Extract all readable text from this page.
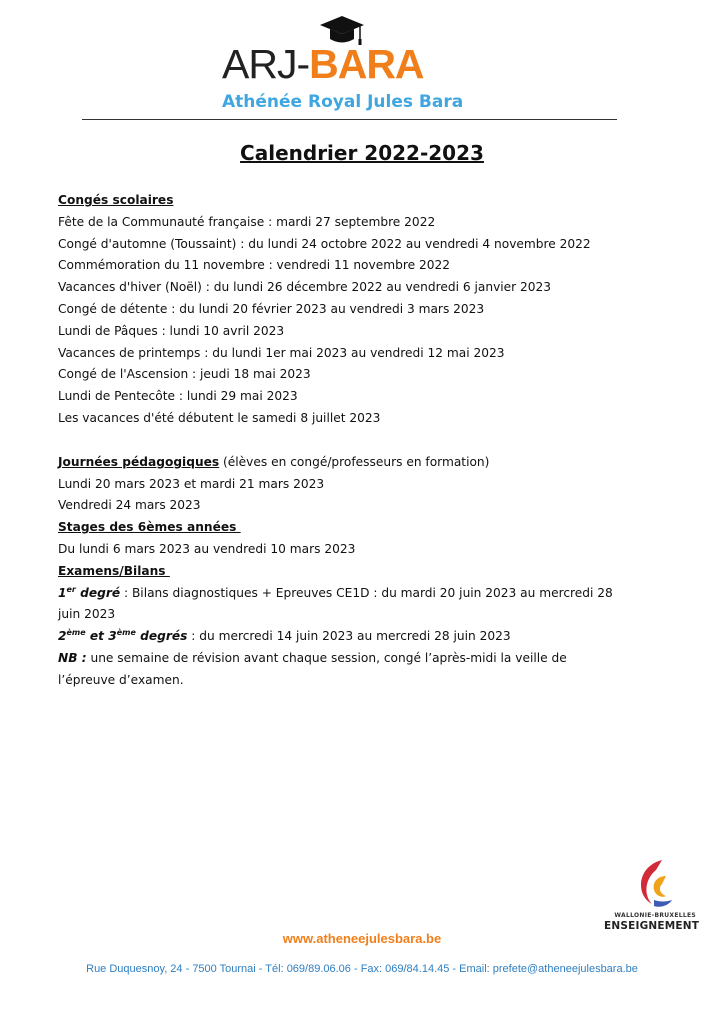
ARJ-BARA
Athénée Royal Jules Bara
Calendrier 2022-2023
Congés scolaires
Fête de la Communauté française : mardi 27 septembre 2022
Congé d'automne (Toussaint) : du lundi 24 octobre 2022 au vendredi 4 novembre 2022
Commémoration du 11 novembre : vendredi 11 novembre 2022
Vacances d'hiver (Noël) : du lundi 26 décembre 2022 au vendredi 6 janvier 2023
Congé de détente : du lundi 20 février 2023 au vendredi 3 mars 2023
Lundi de Pâques : lundi 10 avril 2023
Vacances de printemps : du lundi 1er mai 2023 au vendredi 12 mai 2023
Congé de l'Ascension : jeudi 18 mai 2023
Lundi de Pentecôte : lundi 29 mai 2023
Les vacances d'été débutent le samedi 8 juillet 2023
Journées pédagogiques (élèves en congé/professeurs en formation)
Lundi 20 mars 2023 et mardi 21 mars 2023
Vendredi 24 mars 2023
Stages des 6èmes années
Du lundi 6 mars 2023 au vendredi 10 mars 2023
Examens/Bilans
1er degré : Bilans diagnostiques + Epreuves CE1D : du mardi 20 juin 2023 au mercredi 28 juin 2023
2ème et 3ème degrés : du mercredi 14 juin 2023 au mercredi 28 juin 2023
NB : une semaine de révision avant chaque session, congé l’après-midi la veille de l’épreuve d’examen.
WALLONIE-BRUXELLES
ENSEIGNEMENT
www.atheneejulesbara.be
Rue Duquesnoy, 24 - 7500 Tournai - Tél: 069/89.06.06 - Fax: 069/84.14.45 - Email: prefete@atheneejulesbara.be
